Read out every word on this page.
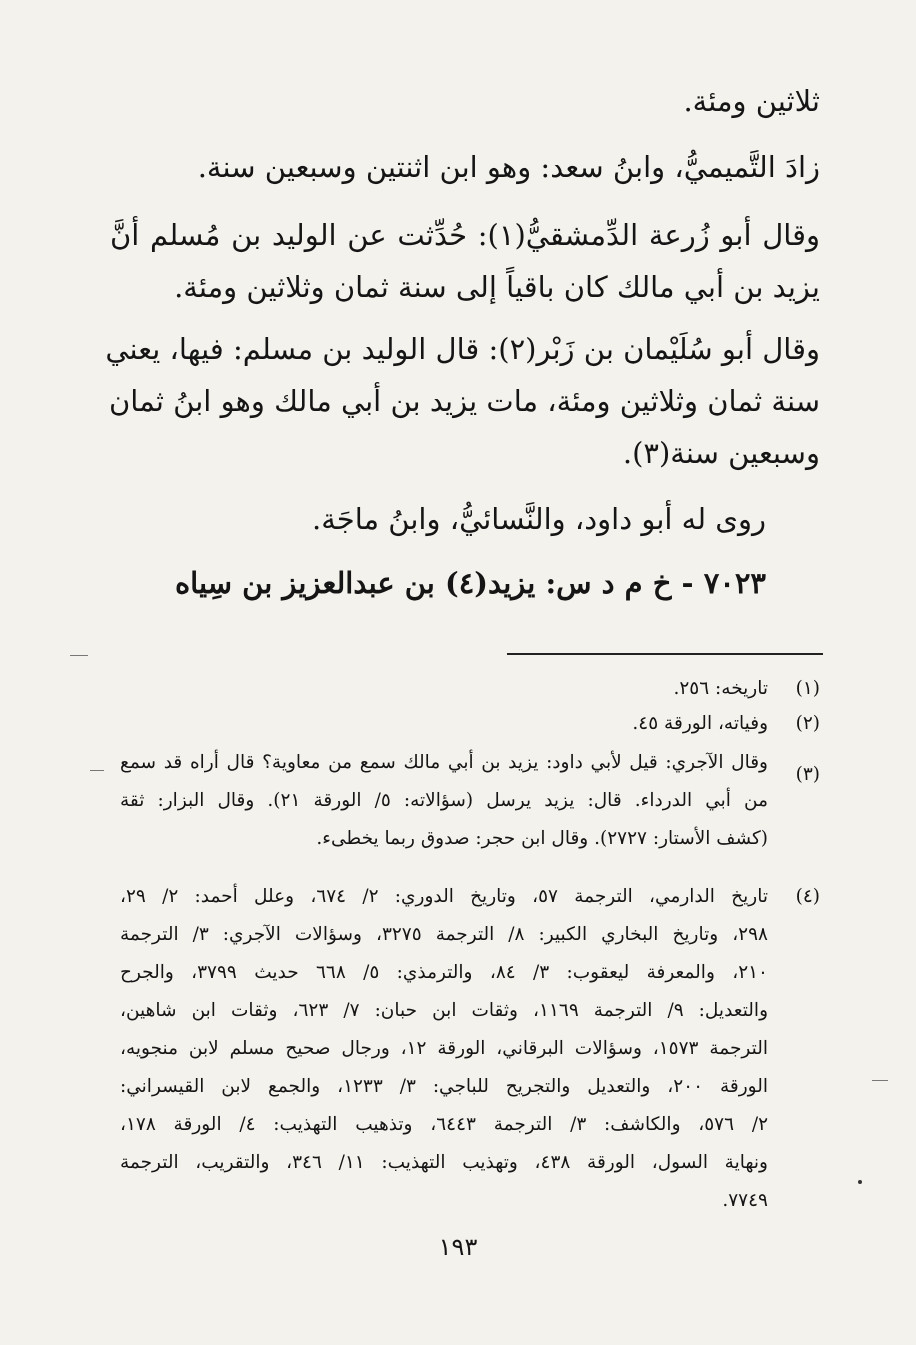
ثلاثين ومئة.
زادَ التَّميميُّ، وابنُ سعد: وهو ابن اثنتين وسبعين سنة.
وقال أبو زُرعة الدِّمشقيُّ(١): حُدِّثت عن الوليد بن مُسلم أنَّ
يزيد بن أبي مالك كان باقياً إلى سنة ثمان وثلاثين ومئة.
وقال أبو سُلَيْمان بن زَبْر(٢): قال الوليد بن مسلم: فيها، يعني
سنة ثمان وثلاثين ومئة، مات يزيد بن أبي مالك وهو ابنُ ثمان
وسبعين سنة(٣).
روى له أبو داود، والنَّسائيُّ، وابنُ ماجَة.
٧٠٢٣ - خ م د س: يزيد(٤) بن عبدالعزيز بن سِياه
(١)
تاريخه: ٢٥٦.
(٢)
وفياته، الورقة ٤٥.
(٣)
وقال الآجري: قيل لأبي داود: يزيد بن أبي مالك سمع من معاوية؟ قال أراه قد سمع
من أبي الدرداء. قال: يزيد يرسل (سؤالاته: ٥/ الورقة ٢١). وقال البزار: ثقة
(كشف الأستار: ٢٧٢٧). وقال ابن حجر: صدوق ربما يخطىء.
(٤)
تاريخ الدارمي، الترجمة ٥٧، وتاريخ الدوري: ٢/ ٦٧٤، وعلل أحمد: ٢/ ٢٩،
٢٩٨، وتاريخ البخاري الكبير: ٨/ الترجمة ٣٢٧٥، وسؤالات الآجري: ٣/ الترجمة
٢١٠، والمعرفة ليعقوب: ٣/ ٨٤، والترمذي: ٥/ ٦٦٨ حديث ٣٧٩٩، والجرح
والتعديل: ٩/ الترجمة ١١٦٩، وثقات ابن حبان: ٧/ ٦٢٣، وثقات ابن شاهين،
الترجمة ١٥٧٣، وسؤالات البرقاني، الورقة ١٢، ورجال صحيح مسلم لابن منجويه،
الورقة ٢٠٠، والتعديل والتجريح للباجي: ٣/ ١٢٣٣، والجمع لابن القيسراني:
٢/ ٥٧٦، والكاشف: ٣/ الترجمة ٦٤٤٣، وتذهيب التهذيب: ٤/ الورقة ١٧٨،
ونهاية السول، الورقة ٤٣٨، وتهذيب التهذيب: ١١/ ٣٤٦، والتقريب، الترجمة
٧٧٤٩.
١٩٣
